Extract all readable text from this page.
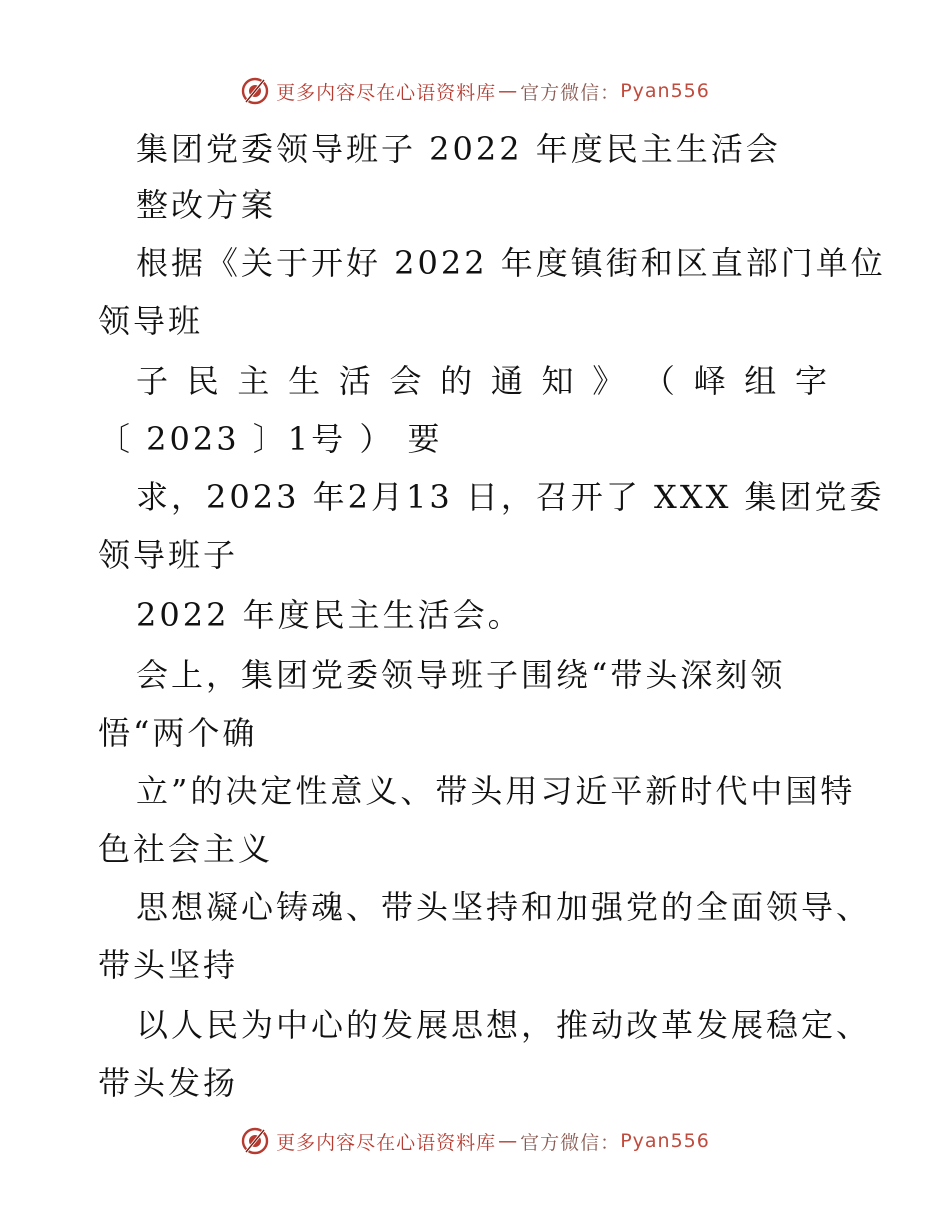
更多内容尽在心语资料库 — 官方微信： Pyan556
集团党委领导班子 2022 年度民主生活会
整改方案
根据《关于开好 2022 年度镇街和区直部门单位
领导班
子 民 主 生 活 会 的 通 知 》 （ 峄 组 字
〔 2023 〕1号 ） 要
求，2023 年2月13 日，召开了 XXX 集团党委
领导班子
2022 年度民主生活会。
会上，集团党委领导班子围绕“带头深刻领
悟“两个确
立”的决定性意义、带头用习近平新时代中国特
色社会主义
思想凝心铸魂、带头坚持和加强党的全面领导、
带头坚持
以人民为中心的发展思想，推动改革发展稳定、
带头发扬
更多内容尽在心语资料库 — 官方微信： Pyan556
